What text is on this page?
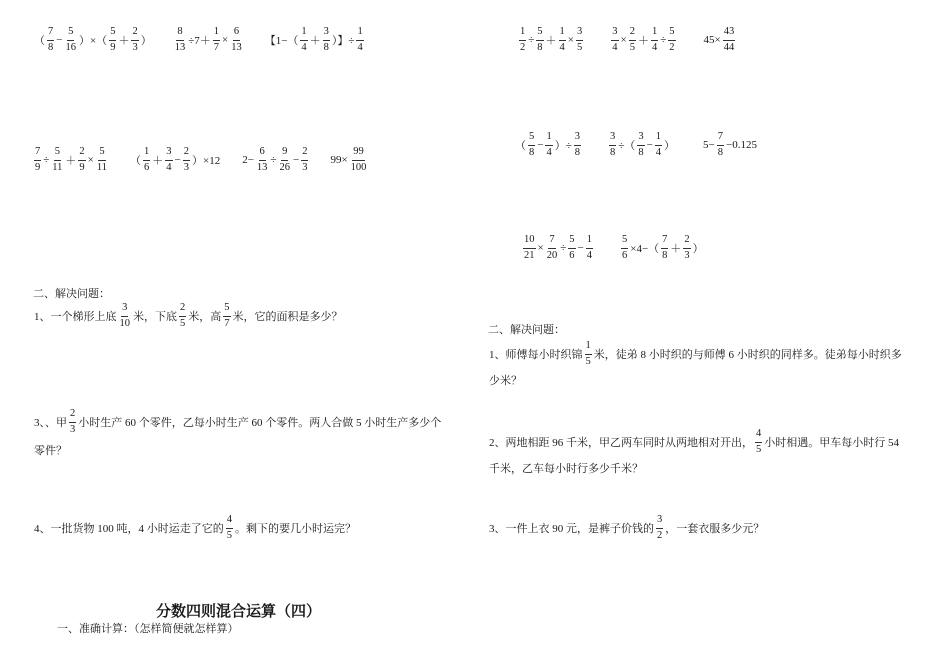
（ $\frac{7}{8} - \frac{5}{16}$ ）×（ $\frac{5}{9} + \frac{2}{3}$ ） $\frac{8}{13} \div 7+ \frac{1}{7} \times \frac{6}{13}$ 【$1-( \frac{1}{4} + \frac{3}{8}$ ）】÷ $\frac{1}{4}$
$\frac{7}{9} \div \frac{5}{11} + \frac{2}{9} \times \frac{5}{11}$ （ $\frac{1}{6} + \frac{3}{4} - \frac{2}{3} )\times 12$ $2- \frac{6}{13} \div \frac{9}{26} - \frac{2}{3} 99\times \frac{99}{100}$
二、解决问题：
1、一个梯形上底 $\frac{3}{10}$ 米，下底 $\frac{2}{5}$ 米，高 $\frac{5}{7}$ 米，它的面积是多少？
3、、甲 $\frac{2}{3}$ 小时生产 60 个零件，乙每小时生产 60 个零件。两人合做 5 小时生产多少个
零件？
4、一批货物 100 吨，4 小时运走了它的 $\frac{4}{5}$ 。剩下的要几小时运完？
分数四则混合运算（四）
一、准确计算：（怎样简便就怎样算）
$\frac{1}{2} \div \frac{5}{8} + \frac{1}{4} \times \frac{3}{5}$	$\frac{3}{4} \times \frac{2}{5} + \frac{1}{4} \div \frac{5}{2}$	$45\times \frac{43}{44}$
（ $\frac{5}{8} - \frac{1}{4}$ ）÷ $\frac{3}{8}$	$\frac{3}{8}$ ÷（ $\frac{3}{8} - \frac{1}{4}$ ）	$5- \frac{7}{8} -0.125$
$\frac{10}{21} \times \frac{7}{20} \div \frac{5}{6} - \frac{1}{4}$	$\frac{5}{6} \times 4-( \frac{7}{8} + \frac{2}{3}$ ）
二、解决问题：
1、师傅每小时织锦 $\frac{1}{5}$ 米，徒弟 8 小时织的与师傅 6 小时织的同样多。徒弟每小时织多
少米？
2、两地相距 96 千米，甲乙两车同时从两地相对开出， $\frac{4}{5}$ 小时相遇。甲车每小时行 54
千米，乙车每小时行多少千米？
3、一件上衣 90 元，是裤子价钱的 $\frac{3}{2}$ ，一套衣服多少元？
